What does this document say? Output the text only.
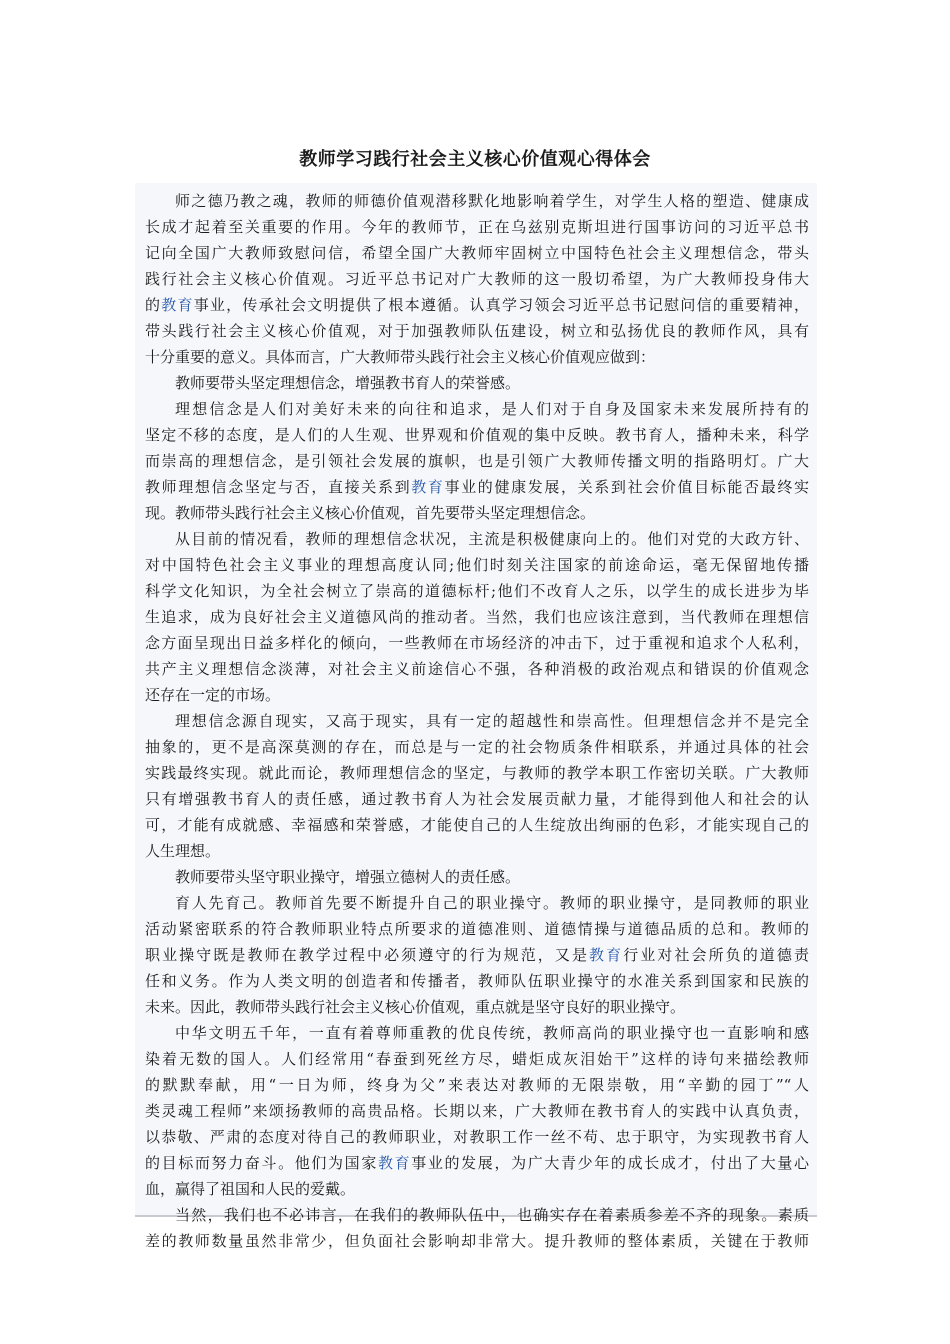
教师学习践行社会主义核心价值观心得体会
师之德乃教之魂，教师的师德价值观潜移默化地影响着学生，对学生人格的塑造、健康成
长成才起着至关重要的作用。今年的教师节，正在乌兹别克斯坦进行国事访问的习近平总书
记向全国广大教师致慰问信，希望全国广大教师牢固树立中国特色社会主义理想信念，带头
践行社会主义核心价值观。习近平总书记对广大教师的这一殷切希望，为广大教师投身伟大
的教育事业，传承社会文明提供了根本遵循。认真学习领会习近平总书记慰问信的重要精神，
带头践行社会主义核心价值观，对于加强教师队伍建设，树立和弘扬优良的教师作风，具有
十分重要的意义。具体而言，广大教师带头践行社会主义核心价值观应做到：
教师要带头坚定理想信念，增强教书育人的荣誉感。
理想信念是人们对美好未来的向往和追求，是人们对于自身及国家未来发展所持有的
坚定不移的态度，是人们的人生观、世界观和价值观的集中反映。教书育人，播种未来，科学
而崇高的理想信念，是引领社会发展的旗帜，也是引领广大教师传播文明的指路明灯。广大
教师理想信念坚定与否，直接关系到教育事业的健康发展，关系到社会价值目标能否最终实
现。教师带头践行社会主义核心价值观，首先要带头坚定理想信念。
从目前的情况看，教师的理想信念状况，主流是积极健康向上的。他们对党的大政方针、
对中国特色社会主义事业的理想高度认同;他们时刻关注国家的前途命运，毫无保留地传播
科学文化知识，为全社会树立了崇高的道德标杆;他们不改育人之乐，以学生的成长进步为毕
生追求，成为良好社会主义道德风尚的推动者。当然，我们也应该注意到，当代教师在理想信
念方面呈现出日益多样化的倾向，一些教师在市场经济的冲击下，过于重视和追求个人私利，
共产主义理想信念淡薄，对社会主义前途信心不强，各种消极的政治观点和错误的价值观念
还存在一定的市场。
理想信念源自现实，又高于现实，具有一定的超越性和崇高性。但理想信念并不是完全
抽象的，更不是高深莫测的存在，而总是与一定的社会物质条件相联系，并通过具体的社会
实践最终实现。就此而论，教师理想信念的坚定，与教师的教学本职工作密切关联。广大教师
只有增强教书育人的责任感，通过教书育人为社会发展贡献力量，才能得到他人和社会的认
可，才能有成就感、幸福感和荣誉感，才能使自己的人生绽放出绚丽的色彩，才能实现自己的
人生理想。
教师要带头坚守职业操守，增强立德树人的责任感。
育人先育己。教师首先要不断提升自己的职业操守。教师的职业操守，是同教师的职业
活动紧密联系的符合教师职业特点所要求的道德准则、道德情操与道德品质的总和。教师的
职业操守既是教师在教学过程中必须遵守的行为规范，又是教育行业对社会所负的道德责
任和义务。作为人类文明的创造者和传播者，教师队伍职业操守的水准关系到国家和民族的
未来。因此，教师带头践行社会主义核心价值观，重点就是坚守良好的职业操守。
中华文明五千年，一直有着尊师重教的优良传统，教师高尚的职业操守也一直影响和感
染着无数的国人。人们经常用“春蚕到死丝方尽，蜡炬成灰泪始干”这样的诗句来描绘教师
的默默奉献，用“一日为师，终身为父”来表达对教师的无限崇敬，用“辛勤的园丁”“人
类灵魂工程师”来颂扬教师的高贵品格。长期以来，广大教师在教书育人的实践中认真负责，
以恭敬、严肃的态度对待自己的教师职业，对教职工作一丝不苟、忠于职守，为实现教书育人
的目标而努力奋斗。他们为国家教育事业的发展，为广大青少年的成长成才，付出了大量心
血，赢得了祖国和人民的爱戴。
当然，我们也不必讳言，在我们的教师队伍中，也确实存在着素质参差不齐的现象。素质
差的教师数量虽然非常少，但负面社会影响却非常大。提升教师的整体素质，关键在于教师
